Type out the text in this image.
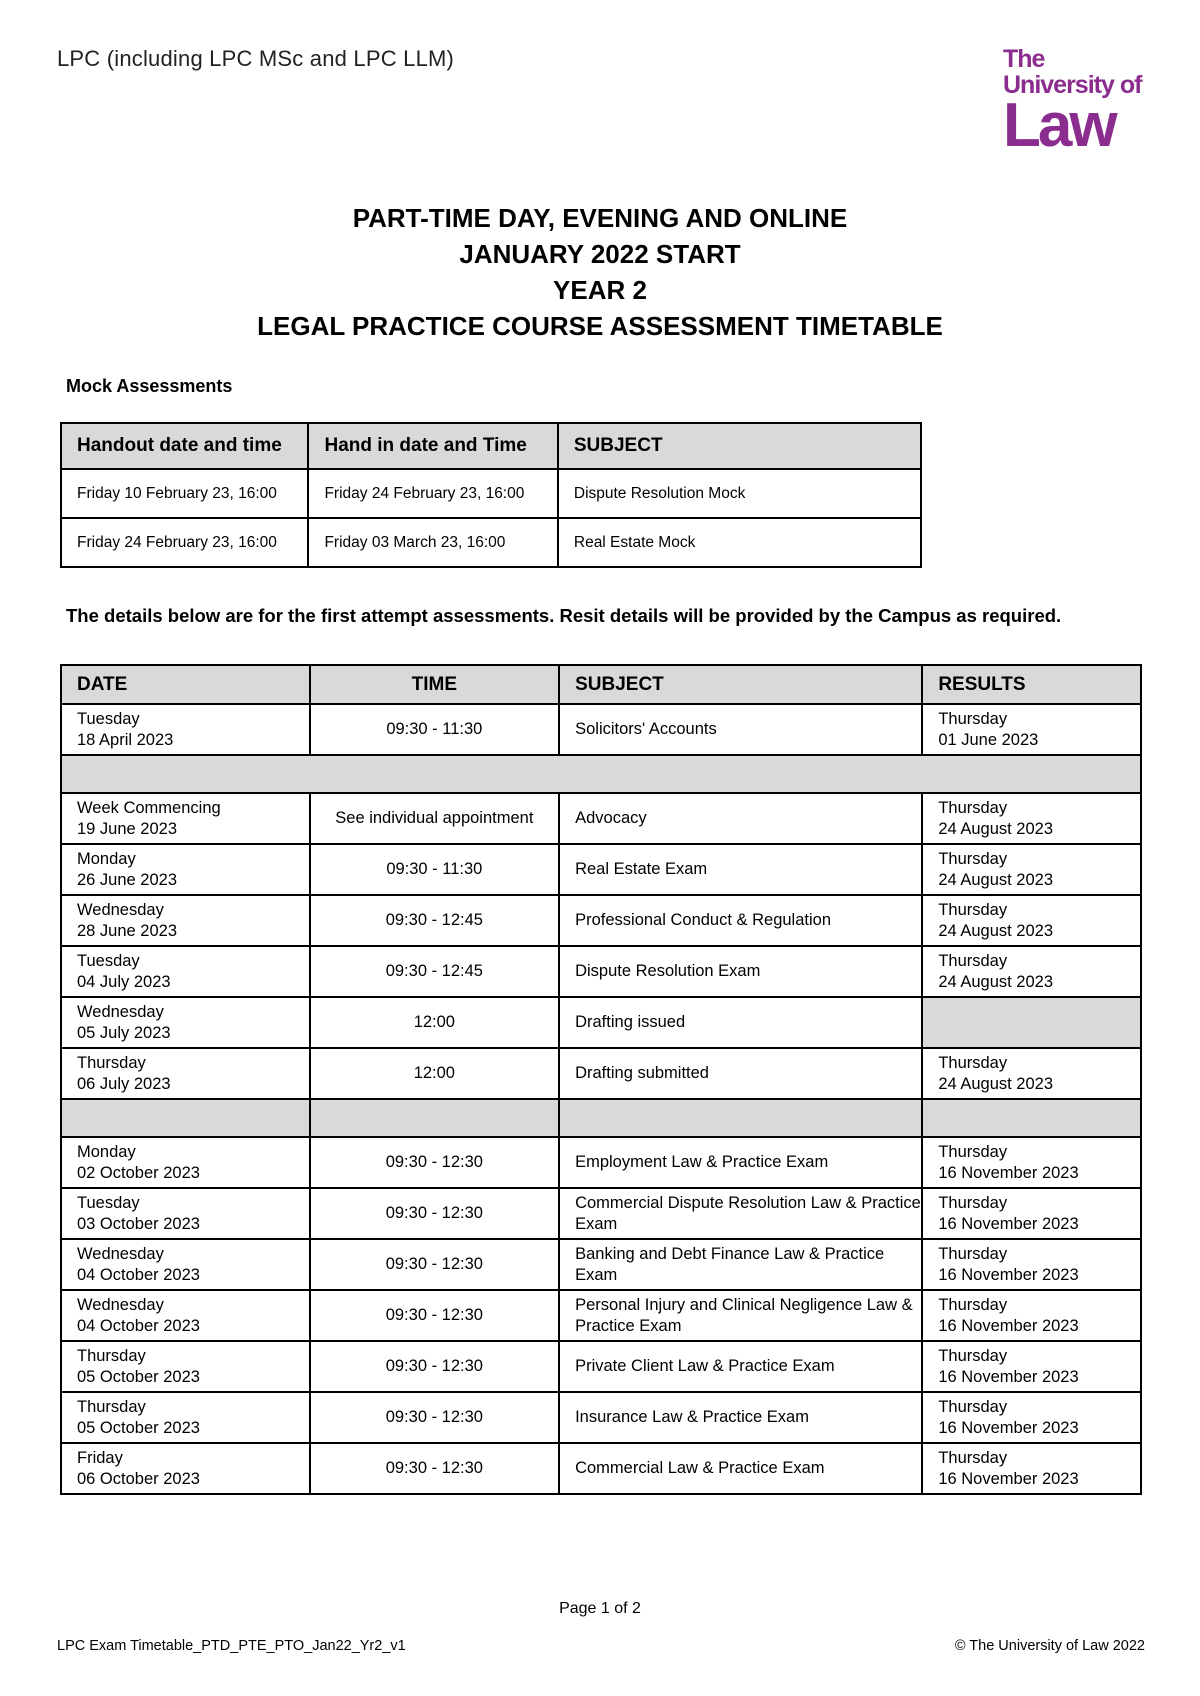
LPC (including LPC MSc and LPC LLM)	The
University of
Law
PART-TIME DAY, EVENING AND ONLINE
JANUARY 2022 START
YEAR 2
LEGAL PRACTICE COURSE ASSESSMENT TIMETABLE
Mock Assessments
Handout date and time	Hand in date and Time	SUBJECT
Friday 10 February 23, 16:00	Friday 24 February 23, 16:00	Dispute Resolution Mock
Friday 24 February 23, 16:00	Friday 03 March 23, 16:00	Real Estate Mock
The details below are for the first attempt assessments. Resit details will be provided by the Campus as required.
DATE	TIME	SUBJECT	RESULTS
Tuesday
18 April 2023	09:30 - 11:30	Solicitors' Accounts	Thursday
01 June 2023

Week Commencing
19 June 2023	See individual appointment	Advocacy	Thursday
24 August 2023
Monday
26 June 2023	09:30 - 11:30	Real Estate Exam	Thursday
24 August 2023
Wednesday
28 June 2023	09:30 - 12:45	Professional Conduct & Regulation	Thursday
24 August 2023
Tuesday
04 July 2023	09:30 - 12:45	Dispute Resolution Exam	Thursday
24 August 2023
Wednesday
05 July 2023	12:00	Drafting issued	
Thursday
06 July 2023	12:00	Drafting submitted	Thursday
24 August 2023

Monday
02 October 2023	09:30 - 12:30	Employment Law & Practice Exam	Thursday
16 November 2023
Tuesday
03 October 2023	09:30 - 12:30	Commercial Dispute Resolution Law & Practice Exam	Thursday
16 November 2023
Wednesday
04 October 2023	09:30 - 12:30	Banking and Debt Finance Law & Practice Exam	Thursday
16 November 2023
Wednesday
04 October 2023	09:30 - 12:30	Personal Injury and Clinical Negligence Law & Practice Exam	Thursday
16 November 2023
Thursday
05 October 2023	09:30 - 12:30	Private Client Law & Practice Exam	Thursday
16 November 2023
Thursday
05 October 2023	09:30 - 12:30	Insurance Law & Practice Exam	Thursday
16 November 2023
Friday
06 October 2023	09:30 - 12:30	Commercial Law & Practice Exam	Thursday
16 November 2023
Page 1 of 2
LPC Exam Timetable_PTD_PTE_PTO_Jan22_Yr2_v1	© The University of Law 2022
